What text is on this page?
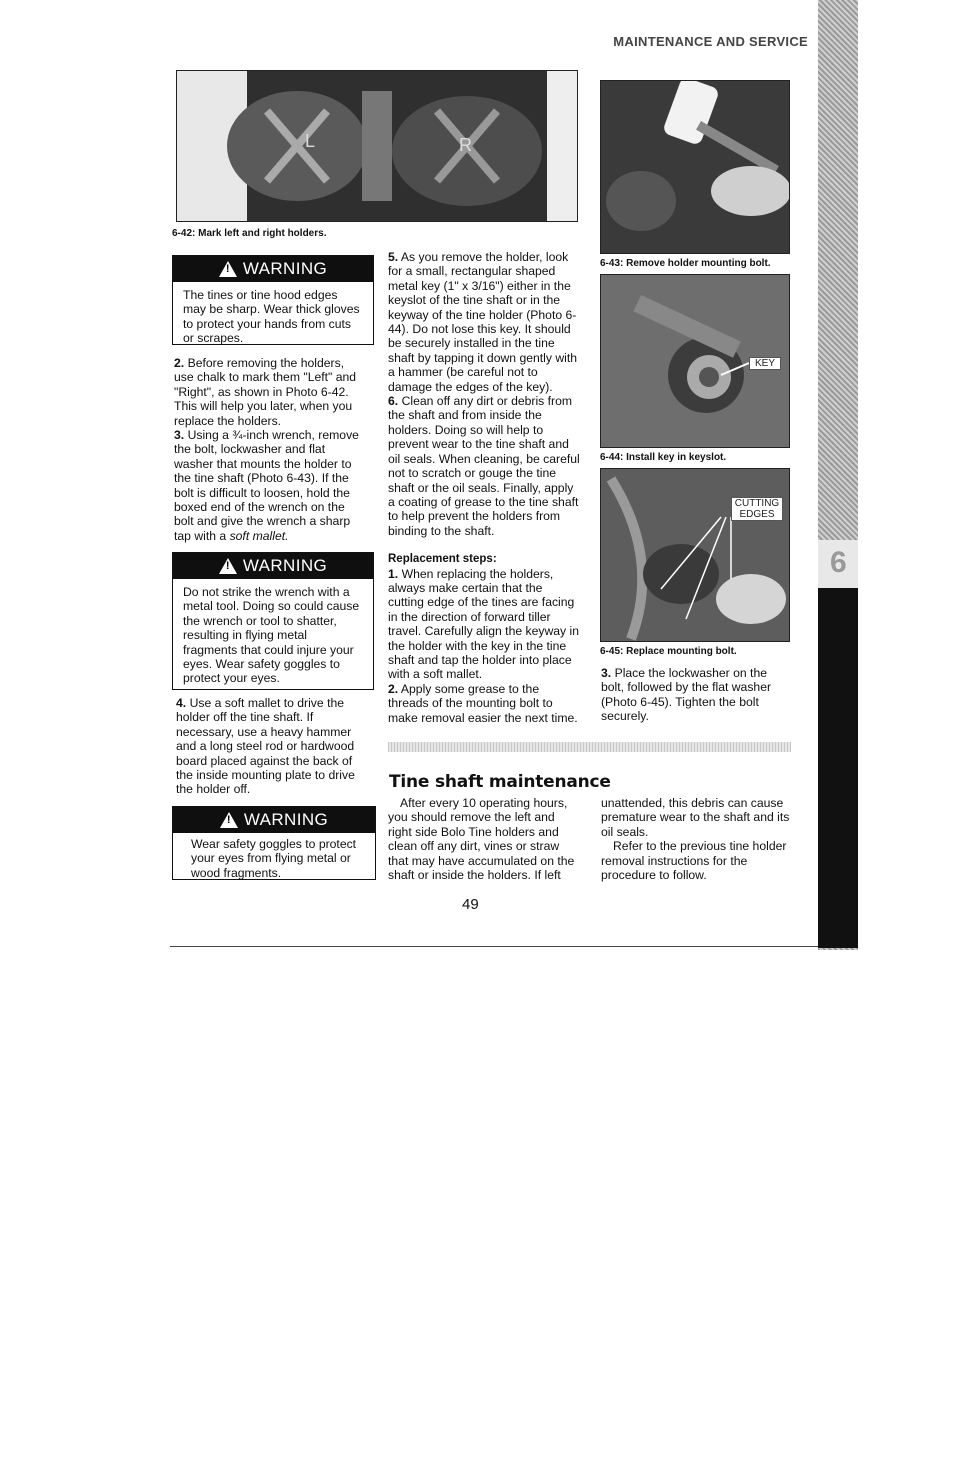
MAINTENANCE AND SERVICE
6
L	R
6-42: Mark left and right holders.
6-43: Remove holder mounting bolt.
KEY
6-44: Install key in keyslot.
CUTTING
EDGES
6-45: Replace mounting bolt.
!
WARNING
The tines or tine hood edges may be sharp. Wear thick gloves to protect your hands from cuts or scrapes.

2. Before removing the holders, use chalk to mark them "Left" and "Right", as shown in Photo 6-42. This will help you later, when you replace the holders.

3. Using a ¾-inch wrench, remove the bolt, lockwasher and flat washer that mounts the holder to the tine shaft (Photo 6-43). If the bolt is difficult to loosen, hold the boxed end of the wrench on the bolt and give the wrench a sharp tap with a soft mallet.

!
WARNING
Do not strike the wrench with a metal tool. Doing so could cause the wrench or tool to shatter, resulting in flying metal fragments that could injure your eyes. Wear safety goggles to protect your eyes.

4. Use a soft mallet to drive the holder off the tine shaft. If necessary, use a heavy hammer and a long steel rod or hardwood board placed against the back of the inside mounting plate to drive the holder off.

!
WARNING
Wear safety goggles to protect your eyes from flying metal or wood fragments.

5. As you remove the holder, look for a small, rectangular shaped metal key (1" x 3/16") either in the keyslot of the tine shaft or in the keyway of the tine holder (Photo 6-44). Do not lose this key. It should be securely installed in the tine shaft by tapping it down gently with a hammer (be careful not to damage the edges of the key).

6. Clean off any dirt or debris from the shaft and from inside the holders. Doing so will help to prevent wear to the tine shaft and oil seals. When cleaning, be careful not to scratch or gouge the tine shaft or the oil seals. Finally, apply a coating of grease to the tine shaft to help prevent the holders from binding to the shaft.

Replacement steps:

1. When replacing the holders, always make certain that the cutting edge of the tines are facing in the direction of forward tiller travel. Carefully align the keyway in the holder with the key in the tine shaft and tap the holder into place with a soft mallet.

2. Apply some grease to the threads of the mounting bolt to make removal easier the next time.

3. Place the lockwasher on the bolt, followed by the flat washer (Photo 6-45). Tighten the bolt securely.

Tine shaft maintenance

After every 10 operating hours, you should remove the left and right side Bolo Tine holders and clean off any dirt, vines or straw that may have accumulated on the shaft or inside the holders. If left unattended, this debris can cause premature wear to the shaft and its oil seals.

Refer to the previous tine holder removal instructions for the procedure to follow.

49
